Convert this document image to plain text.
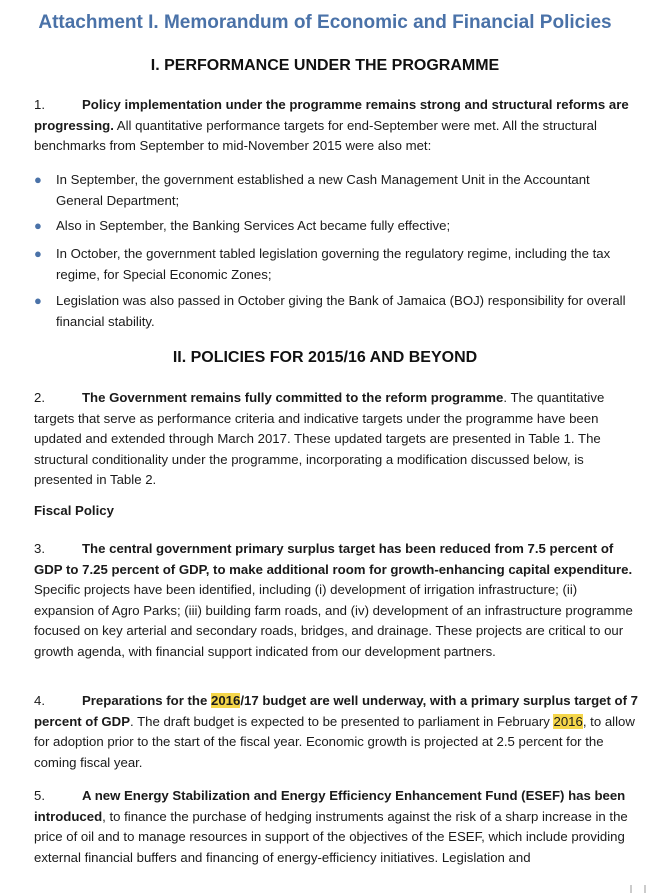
Attachment I. Memorandum of Economic and Financial Policies
I. PERFORMANCE UNDER THE PROGRAMME
1.	Policy implementation under the programme remains strong and structural reforms are progressing. All quantitative performance targets for end-September were met. All the structural benchmarks from September to mid-November 2015 were also met:
●	In September, the government established a new Cash Management Unit in the Accountant General Department;
●	Also in September, the Banking Services Act became fully effective;
●	In October, the government tabled legislation governing the regulatory regime, including the tax regime, for Special Economic Zones;
●	Legislation was also passed in October giving the Bank of Jamaica (BOJ) responsibility for overall financial stability.
II. POLICIES FOR 2015/16 AND BEYOND
2.	The Government remains fully committed to the reform programme. The quantitative targets that serve as performance criteria and indicative targets under the programme have been updated and extended through March 2017. These updated targets are presented in Table 1. The structural conditionality under the programme, incorporating a modification discussed below, is presented in Table 2.
Fiscal Policy
3.	The central government primary surplus target has been reduced from 7.5 percent of GDP to 7.25 percent of GDP, to make additional room for growth-enhancing capital expenditure. Specific projects have been identified, including (i) development of irrigation infrastructure; (ii) expansion of Agro Parks; (iii) building farm roads, and (iv) development of an infrastructure programme focused on key arterial and secondary roads, bridges, and drainage. These projects are critical to our growth agenda, with financial support indicated from our development partners.
4.	Preparations for the 2016/17 budget are well underway, with a primary surplus target of 7 percent of GDP. The draft budget is expected to be presented to parliament in February 2016, to allow for adoption prior to the start of the fiscal year. Economic growth is projected at 2.5 percent for the coming fiscal year.
5.	A new Energy Stabilization and Energy Efficiency Enhancement Fund (ESEF) has been introduced, to finance the purchase of hedging instruments against the risk of a sharp increase in the price of oil and to manage resources in support of the objectives of the ESEF, which include providing external financial buffers and financing of energy-efficiency initiatives. Legislation and
